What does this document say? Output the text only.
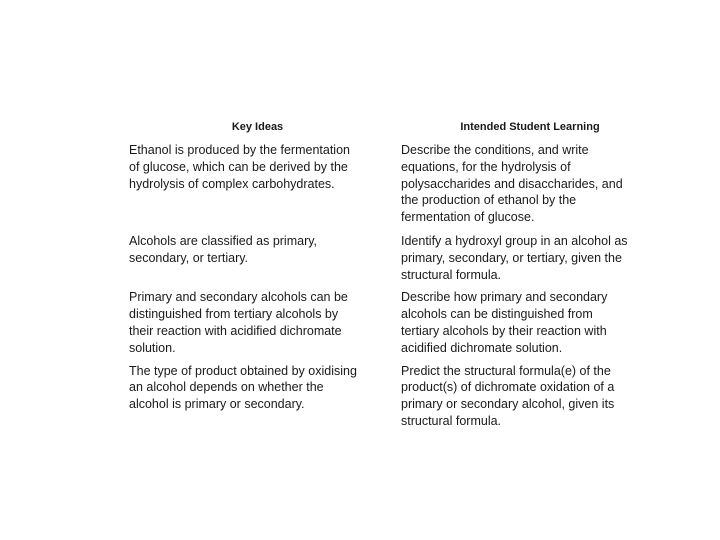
Key Ideas	Intended Student Learning
Ethanol is produced by the fermentation
of glucose, which can be derived by the
hydrolysis of complex carbohydrates.
Describe the conditions, and write
equations, for the hydrolysis of
polysaccharides and disaccharides, and
the production of ethanol by the
fermentation of glucose.
Alcohols are classified as primary,
secondary, or tertiary.
Identify a hydroxyl group in an alcohol as
primary, secondary, or tertiary, given the
structural formula.
Primary and secondary alcohols can be
distinguished from tertiary alcohols by
their reaction with acidified dichromate
solution.
Describe how primary and secondary
alcohols can be distinguished from
tertiary alcohols by their reaction with
acidified dichromate solution.
The type of product obtained by oxidising
an alcohol depends on whether the
alcohol is primary or secondary.
Predict the structural formula(e) of the
product(s) of dichromate oxidation of a
primary or secondary alcohol, given its
structural formula.
